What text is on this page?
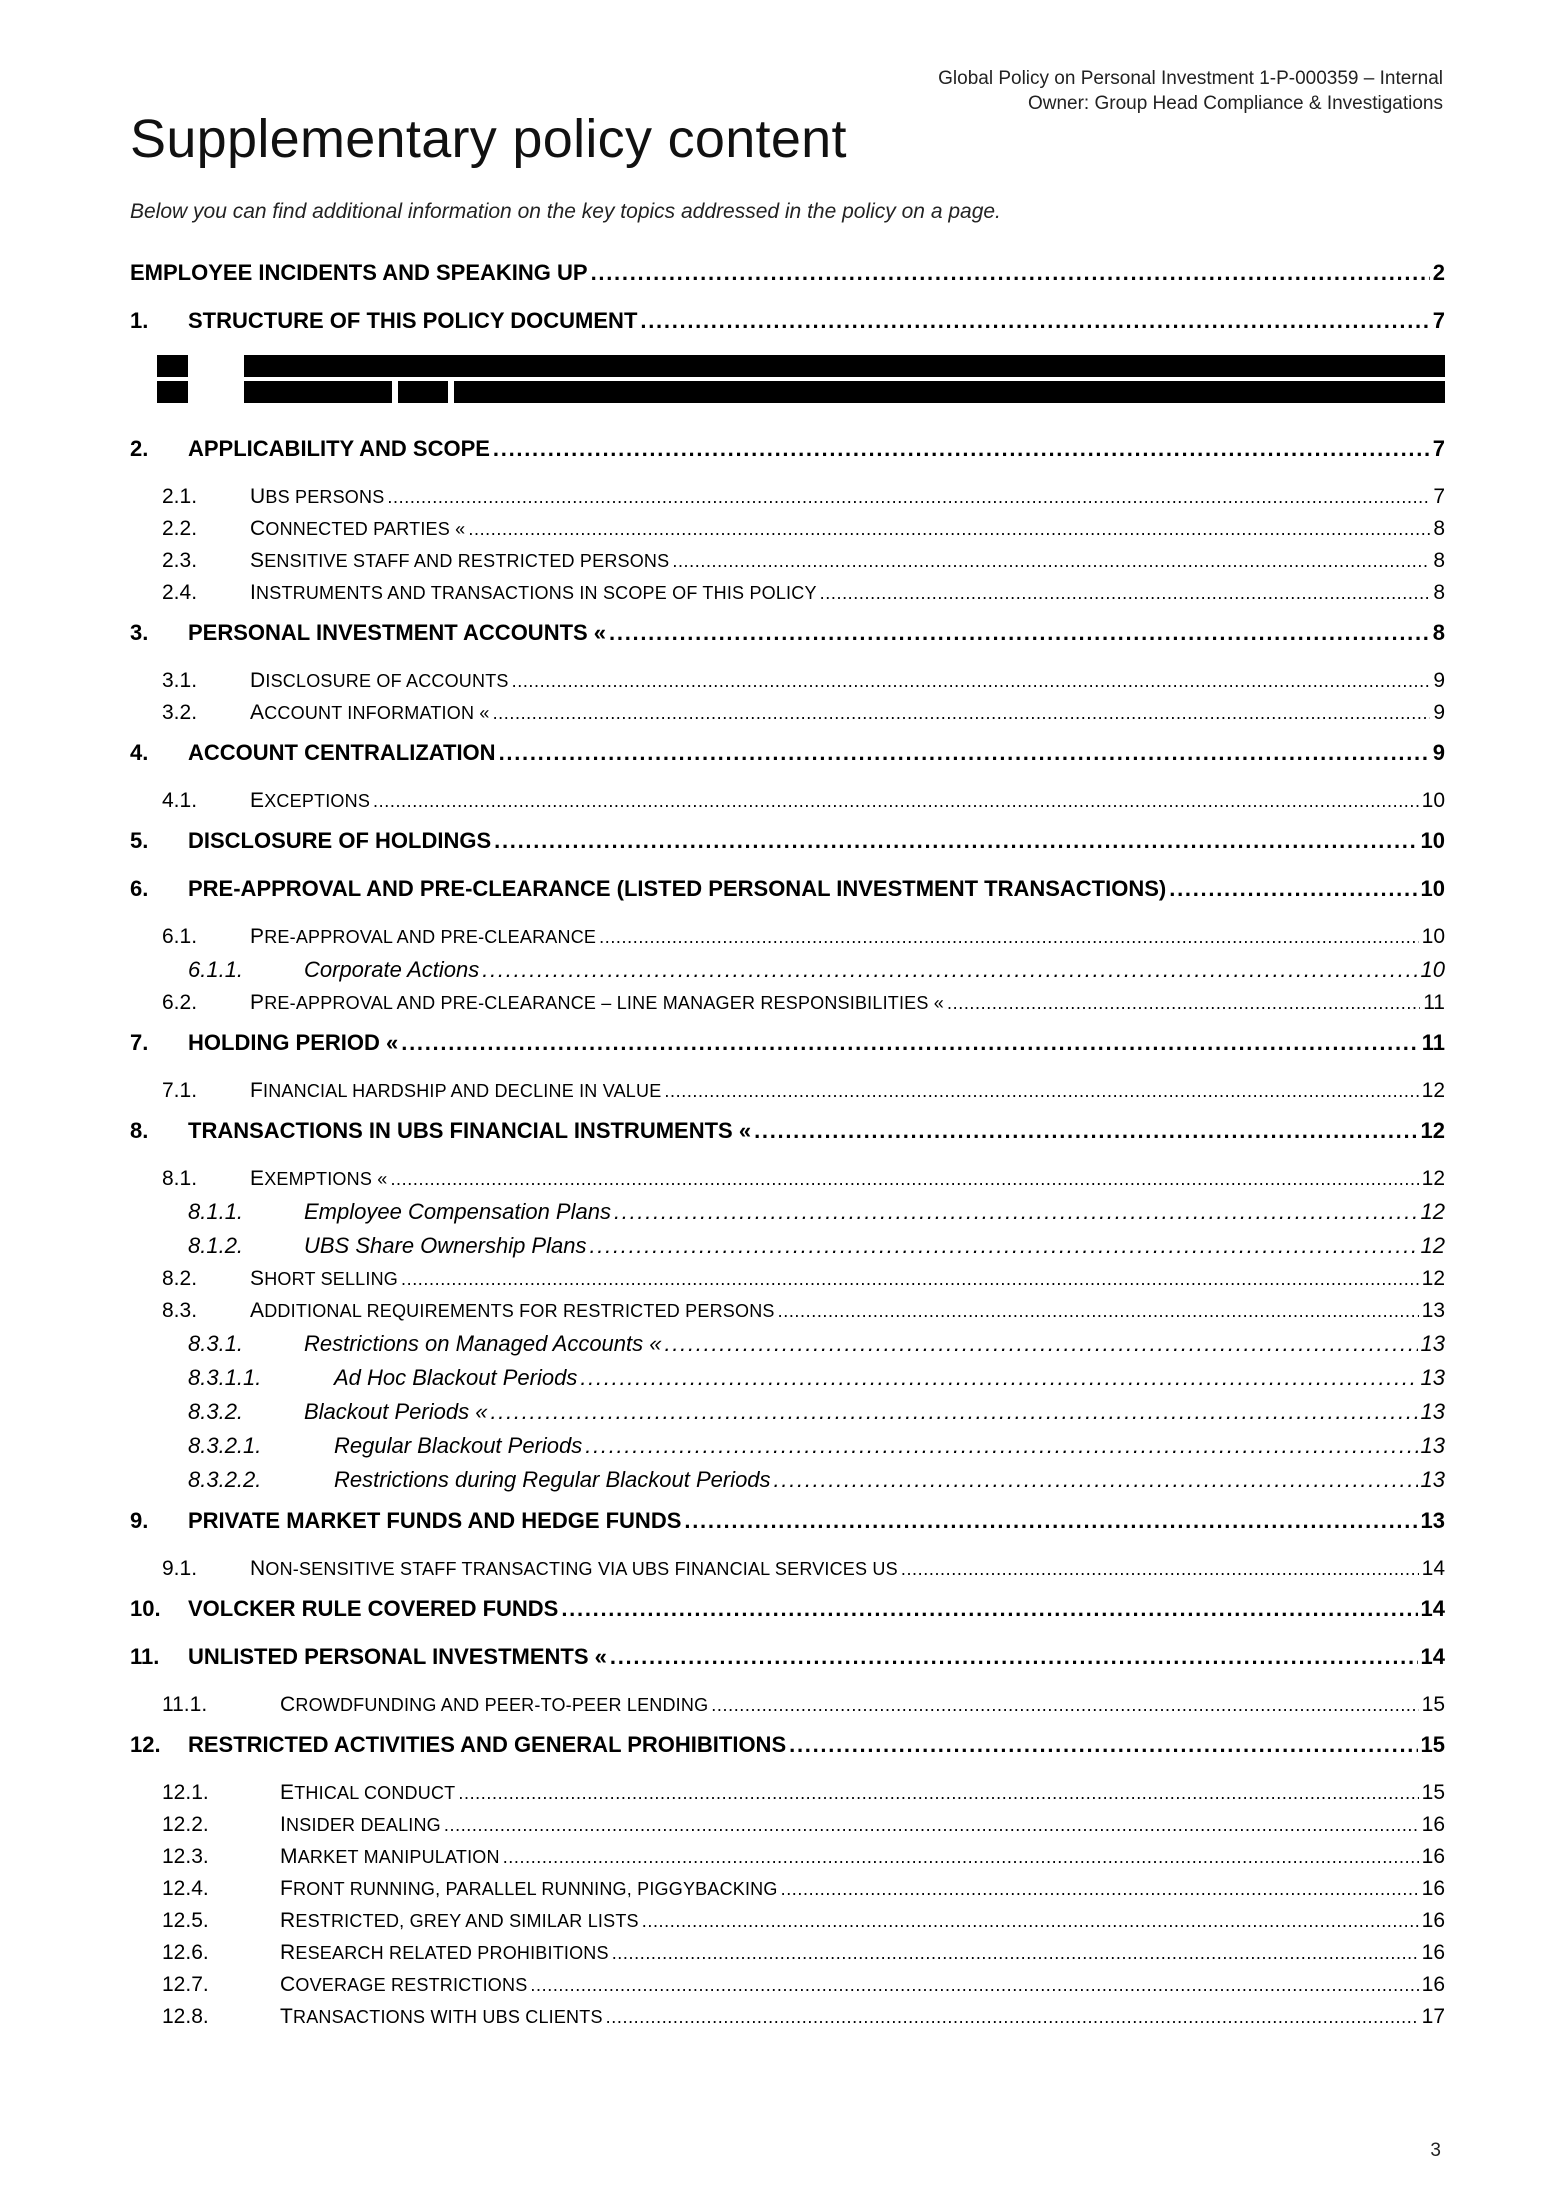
Global Policy on Personal Investment 1-P-000359 – Internal
Owner: Group Head Compliance & Investigations
Supplementary policy content
Below you can find additional information on the key topics addressed in the policy on a page.
EMPLOYEE INCIDENTS AND SPEAKING UP . . .	2
1.	STRUCTURE OF THIS POLICY DOCUMENT . . .	7
2.	APPLICABILITY AND SCOPE . . .	7
2.1.	UBS PERSONS . . .	7
2.2.	CONNECTED PARTIES « . . .	8
2.3.	SENSITIVE STAFF AND RESTRICTED PERSONS . . .	8
2.4.	INSTRUMENTS AND TRANSACTIONS IN SCOPE OF THIS POLICY . . .	8
3.	PERSONAL INVESTMENT ACCOUNTS « . . .	8
3.1.	DISCLOSURE OF ACCOUNTS . . .	9
3.2.	ACCOUNT INFORMATION « . . .	9
4.	ACCOUNT CENTRALIZATION . . .	9
4.1.	EXCEPTIONS . . .	10
5.	DISCLOSURE OF HOLDINGS . . .	10
6.	PRE-APPROVAL AND PRE-CLEARANCE (LISTED PERSONAL INVESTMENT TRANSACTIONS) . . .	10
6.1.	PRE-APPROVAL AND PRE-CLEARANCE . . .	10
6.1.1.	Corporate Actions . . .	10
6.2.	PRE-APPROVAL AND PRE-CLEARANCE – LINE MANAGER RESPONSIBILITIES « . . .	11
7.	HOLDING PERIOD « . . .	11
7.1.	FINANCIAL HARDSHIP AND DECLINE IN VALUE . . .	12
8.	TRANSACTIONS IN UBS FINANCIAL INSTRUMENTS « . . .	12
8.1.	EXEMPTIONS « . . .	12
8.1.1.	Employee Compensation Plans . . .	12
8.1.2.	UBS Share Ownership Plans . . .	12
8.2.	SHORT SELLING . . .	12
8.3.	ADDITIONAL REQUIREMENTS FOR RESTRICTED PERSONS . . .	13
8.3.1.	Restrictions on Managed Accounts « . . .	13
8.3.1.1.	Ad Hoc Blackout Periods . . .	13
8.3.2.	Blackout Periods « . . .	13
8.3.2.1.	Regular Blackout Periods . . .	13
8.3.2.2.	Restrictions during Regular Blackout Periods . . .	13
9.	PRIVATE MARKET FUNDS AND HEDGE FUNDS . . .	13
9.1.	NON-SENSITIVE STAFF TRANSACTING VIA UBS FINANCIAL SERVICES US . . .	14
10.	VOLCKER RULE COVERED FUNDS . . .	14
11.	UNLISTED PERSONAL INVESTMENTS « . . .	14
11.1.	CROWDFUNDING AND PEER-TO-PEER LENDING . . .	15
12.	RESTRICTED ACTIVITIES AND GENERAL PROHIBITIONS . . .	15
12.1.	ETHICAL CONDUCT . . .	15
12.2.	INSIDER DEALING . . .	16
12.3.	MARKET MANIPULATION . . .	16
12.4.	FRONT RUNNING, PARALLEL RUNNING, PIGGYBACKING . . .	16
12.5.	RESTRICTED, GREY AND SIMILAR LISTS . . .	16
12.6.	RESEARCH RELATED PROHIBITIONS . . .	16
12.7.	COVERAGE RESTRICTIONS . . .	16
12.8.	TRANSACTIONS WITH UBS CLIENTS . . .	17
3
